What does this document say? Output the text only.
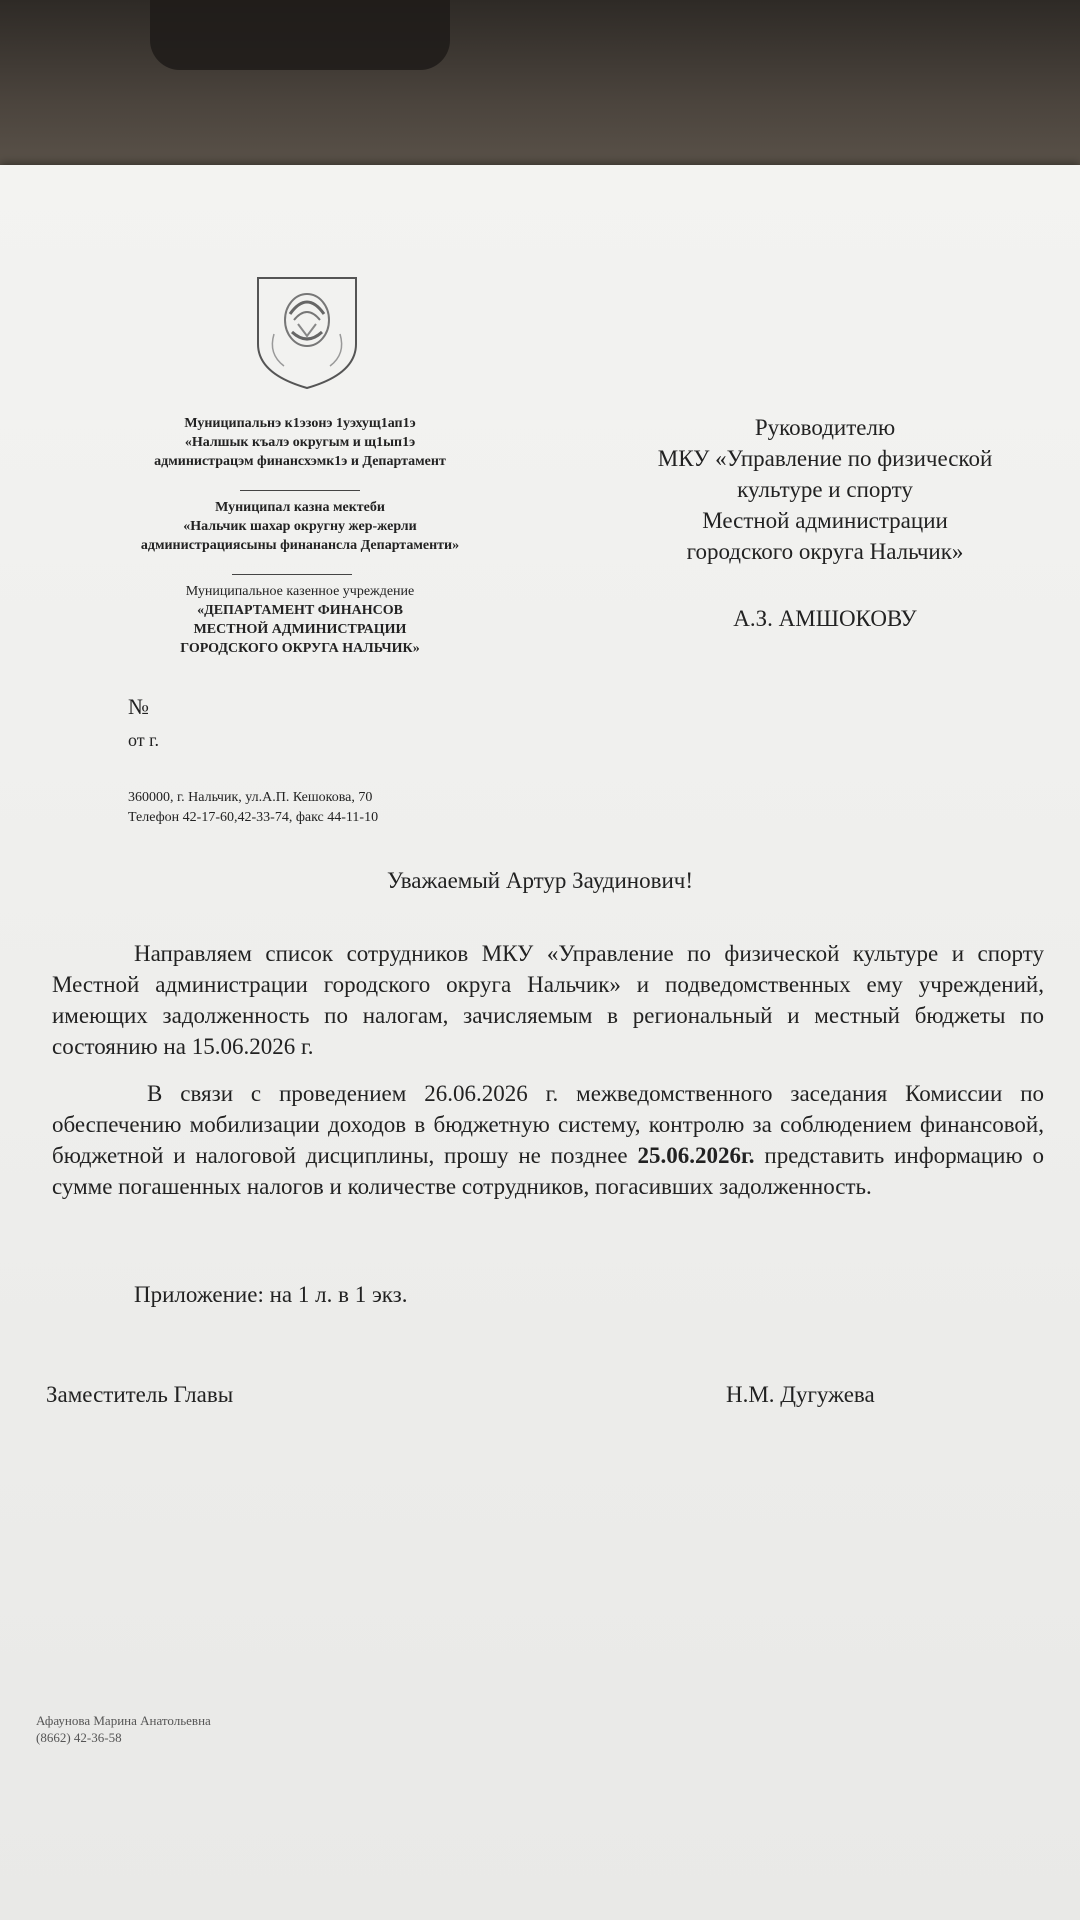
Муниципальнэ к1эзонэ 1уэхущ1ап1э
«Налшык къалэ округым и щ1ып1э
администрацэм финансхэмк1э и Департамент
Муниципал казна мектеби
«Нальчик шахар округну жер-жерли
администрациясыны финанансла Департаменти»
Муниципальное казенное учреждение
«ДЕПАРТАМЕНТ ФИНАНСОВ
МЕСТНОЙ АДМИНИСТРАЦИИ
ГОРОДСКОГО ОКРУГА НАЛЬЧИК»
№
от г.
360000, г. Нальчик, ул.А.П. Кешокова, 70
Телефон 42-17-60,42-33-74, факс 44-11-10
Руководителю
МКУ «Управление по физической
культуре и спорту
Местной администрации
городского округа Нальчик»
А.З. АМШОКОВУ
Уважаемый Артур Заудинович!
Направляем список сотрудников МКУ «Управление по физической культуре и спорту Местной администрации городского округа Нальчик» и подведомственных ему учреждений, имеющих задолженность по налогам, зачисляемым в региональный и местный бюджеты по состоянию на 15.06.2026 г.
В связи с проведением 26.06.2026 г. межведомственного заседания Комиссии по обеспечению мобилизации доходов в бюджетную систему, контролю за соблюдением финансовой, бюджетной и налоговой дисциплины, прошу не позднее 25.06.2026г. представить информацию о сумме погашенных налогов и количестве сотрудников, погасивших задолженность.
Приложение: на 1 л. в 1 экз.
Заместитель Главы	Н.М. Дугужева
Афаунова Марина Анатольевна
(8662) 42-36-58
